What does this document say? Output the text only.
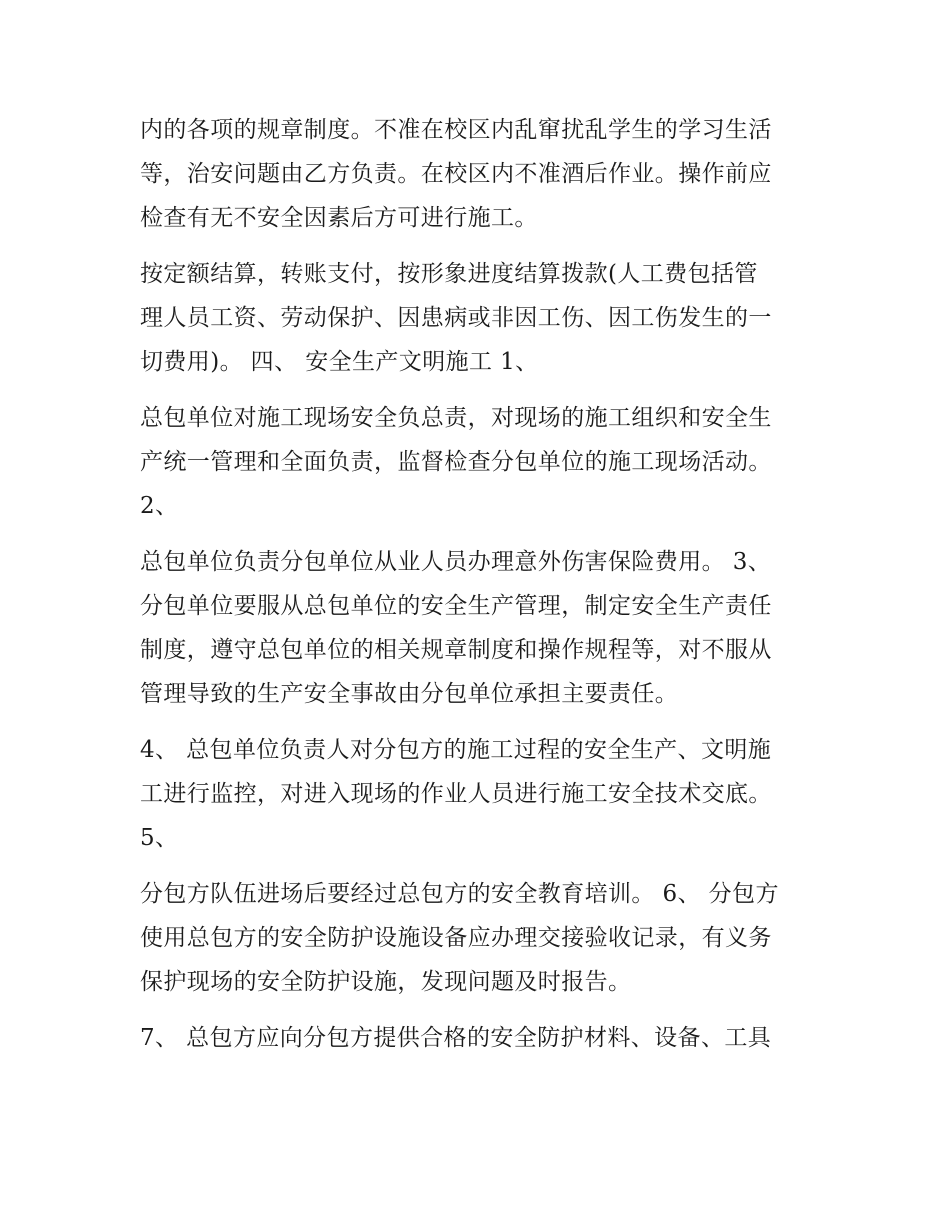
内的各项的规章制度。不准在校区内乱窜扰乱学生的学习生活
等，治安问题由乙方负责。在校区内不准酒后作业。操作前应
检查有无不安全因素后方可进行施工。
按定额结算，转账支付，按形象进度结算拨款(人工费包括管
理人员工资、劳动保护、因患病或非因工伤、因工伤发生的一
切费用)。 四、 安全生产文明施工 1、
总包单位对施工现场安全负总责，对现场的施工组织和安全生
产统一管理和全面负责，监督检查分包单位的施工现场活动。
2、
总包单位负责分包单位从业人员办理意外伤害保险费用。 3、
分包单位要服从总包单位的安全生产管理，制定安全生产责任
制度，遵守总包单位的相关规章制度和操作规程等，对不服从
管理导致的生产安全事故由分包单位承担主要责任。
4、 总包单位负责人对分包方的施工过程的安全生产、文明施
工进行监控，对进入现场的作业人员进行施工安全技术交底。
5、
分包方队伍进场后要经过总包方的安全教育培训。 6、 分包方
使用总包方的安全防护设施设备应办理交接验收记录，有义务
保护现场的安全防护设施，发现问题及时报告。
7、 总包方应向分包方提供合格的安全防护材料、设备、工具
